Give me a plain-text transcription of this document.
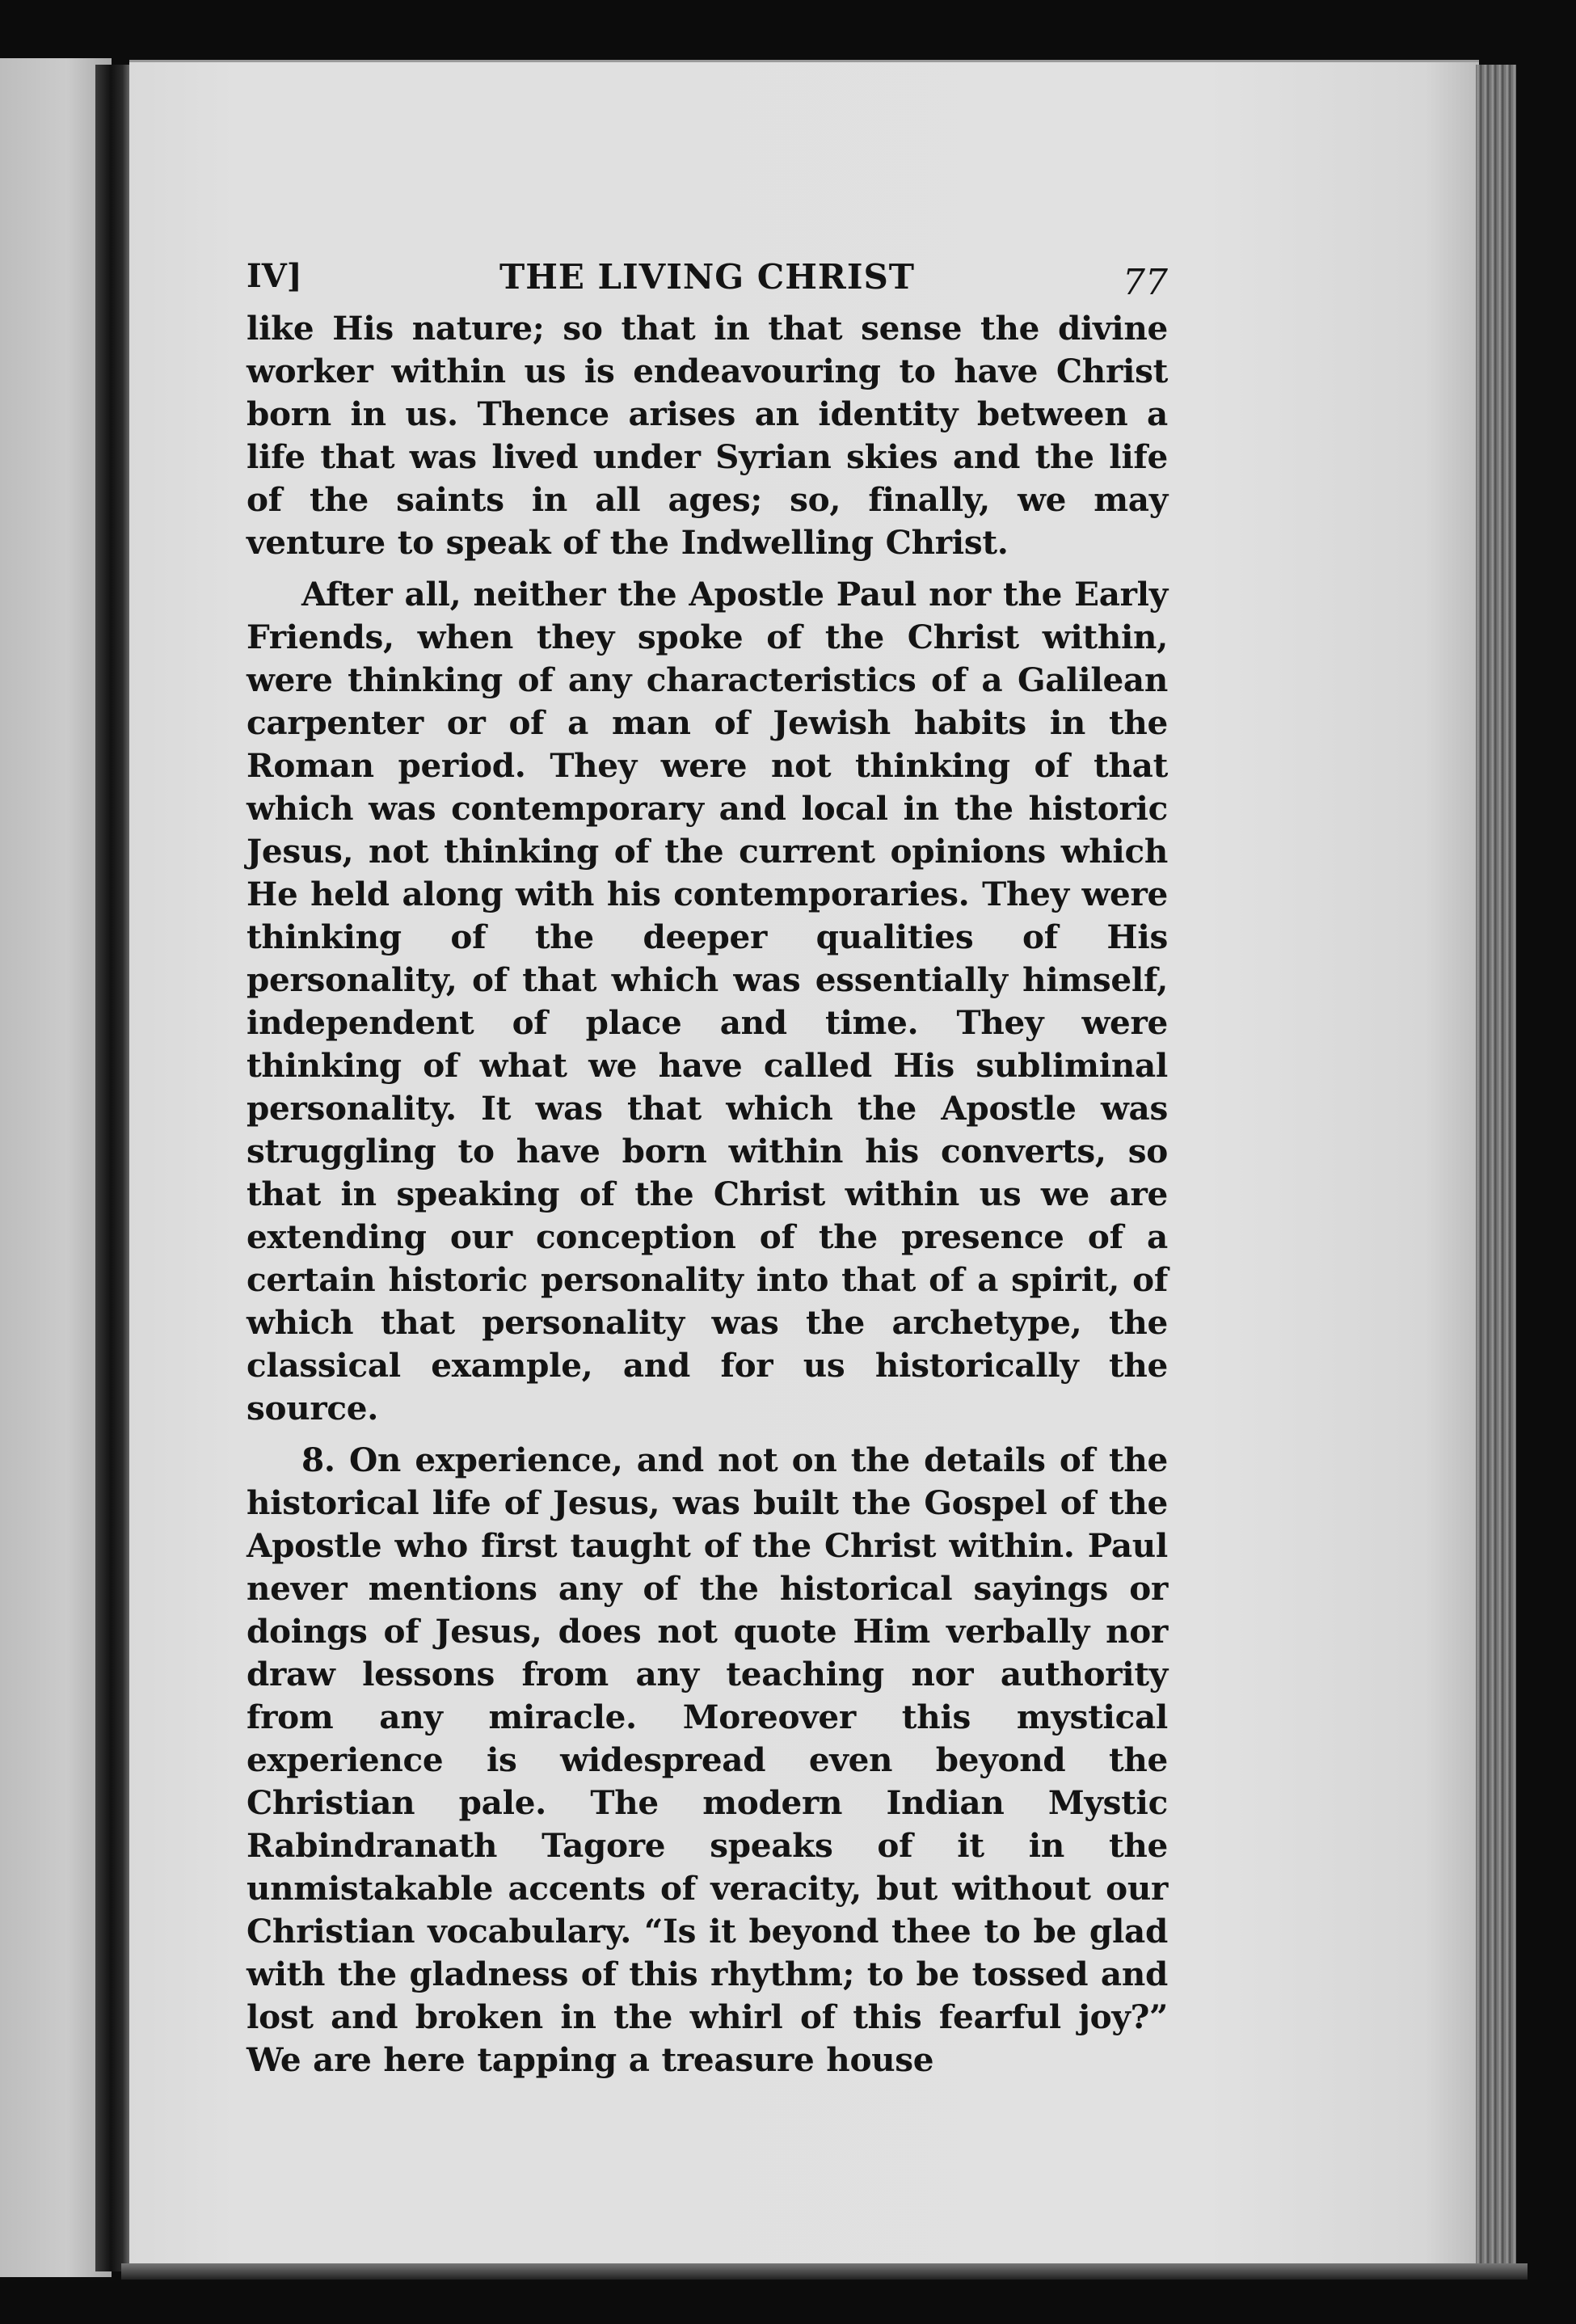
IV]	THE LIVING CHRIST	77

like His nature; so that in that sense the divine worker within us is endeavouring to have Christ born in us. Thence arises an identity between a life that was lived under Syrian skies and the life of the saints in all ages; so, finally, we may venture to speak of the Indwelling Christ.

After all, neither the Apostle Paul nor the Early Friends, when they spoke of the Christ within, were thinking of any characteristics of a Galilean carpenter or of a man of Jewish habits in the Roman period. They were not thinking of that which was contemporary and local in the historic Jesus, not thinking of the current opinions which He held along with his contemporaries. They were thinking of the deeper qualities of His personality, of that which was essentially himself, independent of place and time. They were thinking of what we have called His subliminal personality. It was that which the Apostle was struggling to have born within his converts, so that in speaking of the Christ within us we are extending our conception of the presence of a certain historic personality into that of a spirit, of which that personality was the archetype, the classical example, and for us historically the source.

8. On experience, and not on the details of the historical life of Jesus, was built the Gospel of the Apostle who first taught of the Christ within. Paul never mentions any of the historical sayings or doings of Jesus, does not quote Him verbally nor draw lessons from any teaching nor authority from any miracle. Moreover this mystical experience is widespread even beyond the Christian pale. The modern Indian Mystic Rabindranath Tagore speaks of it in the unmistakable accents of veracity, but without our Christian vocabulary. “Is it beyond thee to be glad with the gladness of this rhythm; to be tossed and lost and broken in the whirl of this fearful joy?” We are here tapping a treasure house
